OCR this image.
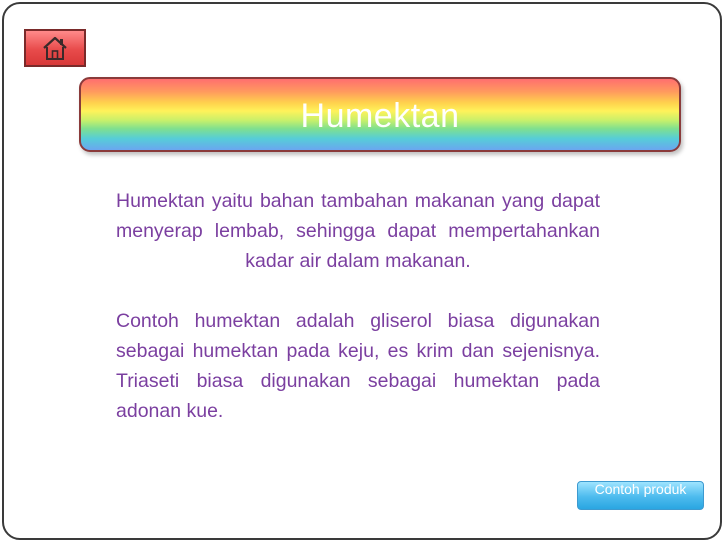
Humektan

Humektan yaitu bahan tambahan makanan yang dapat menyerap lembab, sehingga dapat mempertahankan kadar air dalam makanan.

Contoh humektan adalah gliserol biasa digunakan sebagai humektan pada keju, es krim dan sejenisnya. Triaseti biasa digunakan sebagai humektan pada adonan kue.

Contoh produk
